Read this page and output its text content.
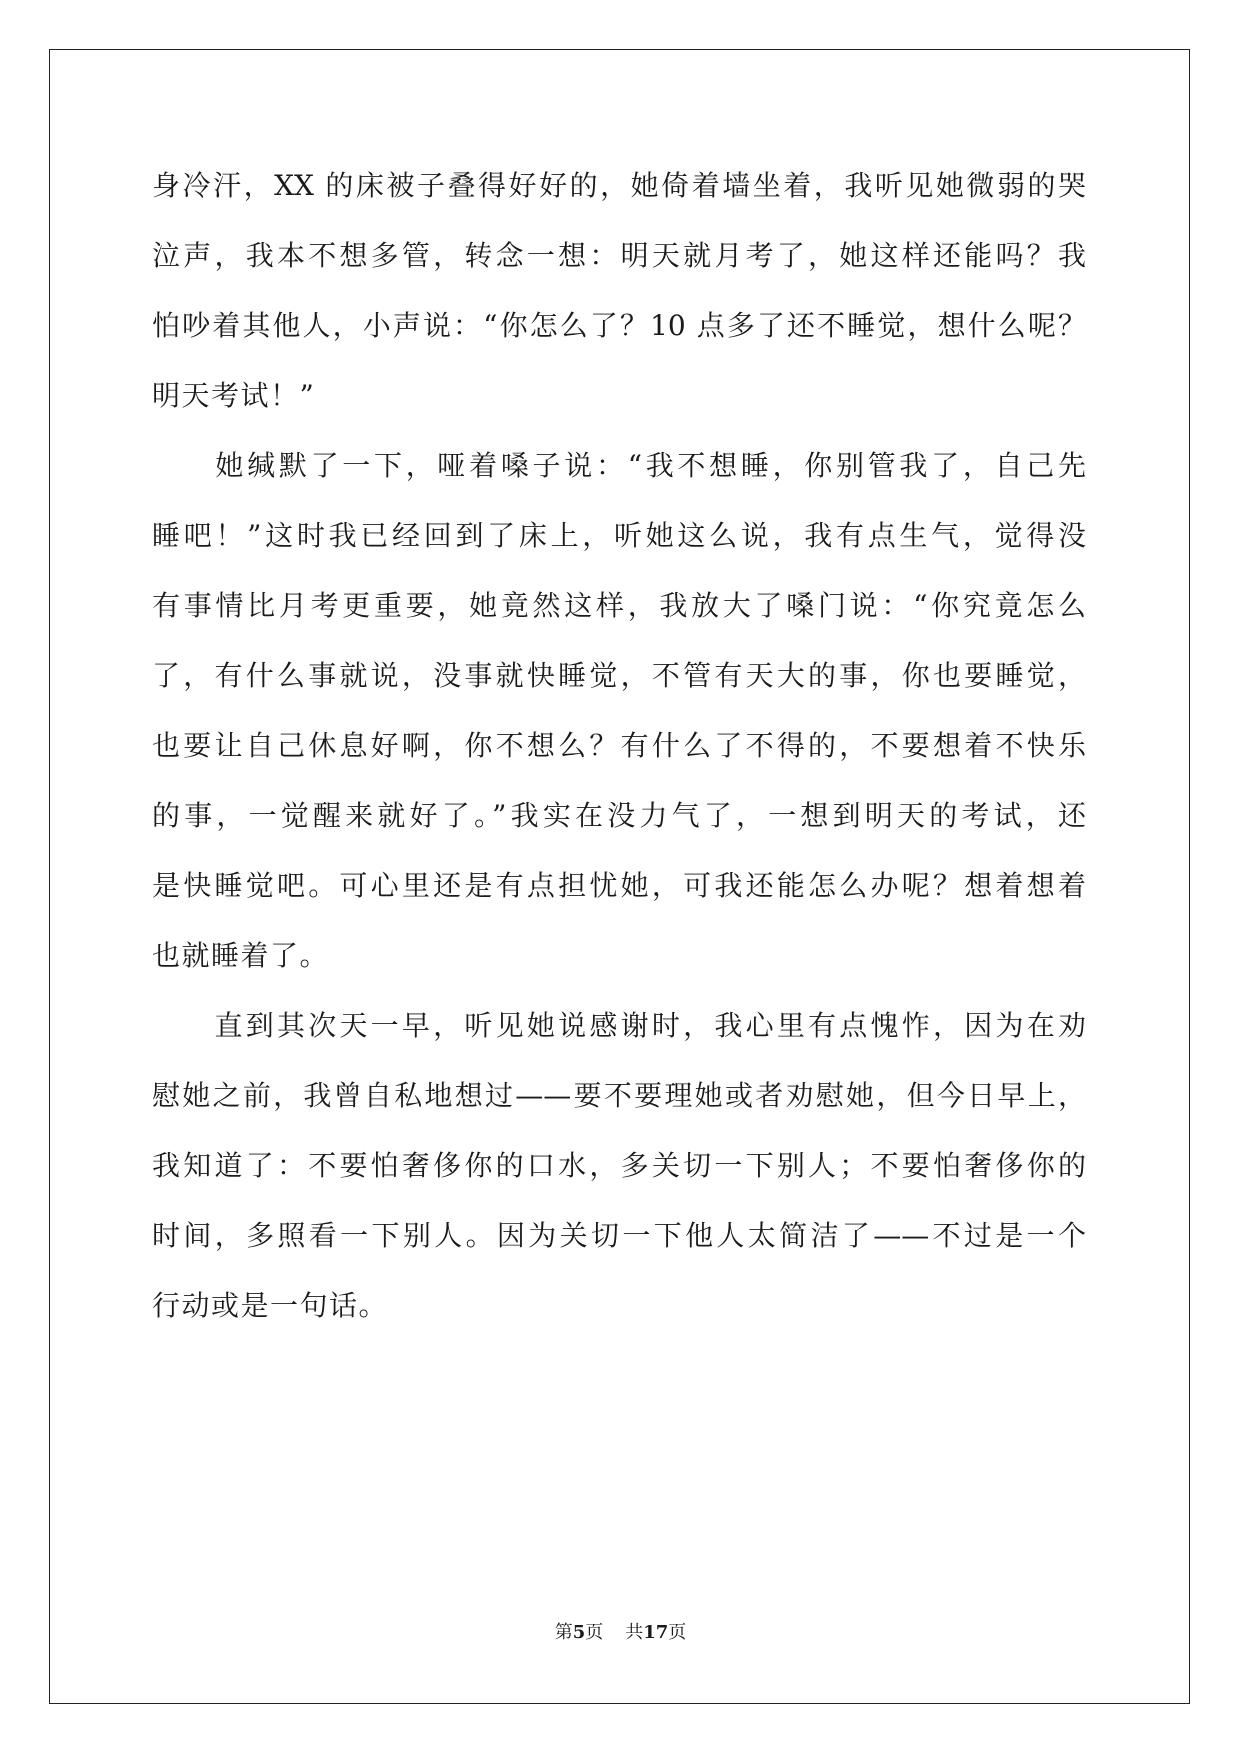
身冷汗，XX 的床被子叠得好好的，她倚着墙坐着，我听见她微弱的哭
泣声，我本不想多管，转念一想：明天就月考了，她这样还能吗？我
怕吵着其他人，小声说：“你怎么了？10 点多了还不睡觉，想什么呢？
明天考试！”
　　她缄默了一下，哑着嗓子说：“我不想睡，你别管我了，自己先
睡吧！”这时我已经回到了床上，听她这么说，我有点生气，觉得没
有事情比月考更重要，她竟然这样，我放大了嗓门说：“你究竟怎么
了，有什么事就说，没事就快睡觉，不管有天大的事，你也要睡觉，
也要让自己休息好啊，你不想么？有什么了不得的，不要想着不快乐
的事，一觉醒来就好了。”我实在没力气了，一想到明天的考试，还
是快睡觉吧。可心里还是有点担忧她，可我还能怎么办呢？想着想着
也就睡着了。
　　直到其次天一早，听见她说感谢时，我心里有点愧怍，因为在劝
慰她之前，我曾自私地想过——要不要理她或者劝慰她，但今日早上，
我知道了：不要怕奢侈你的口水，多关切一下别人；不要怕奢侈你的
时间，多照看一下别人。因为关切一下他人太简洁了——不过是一个
行动或是一句话。
第5页 共17页
